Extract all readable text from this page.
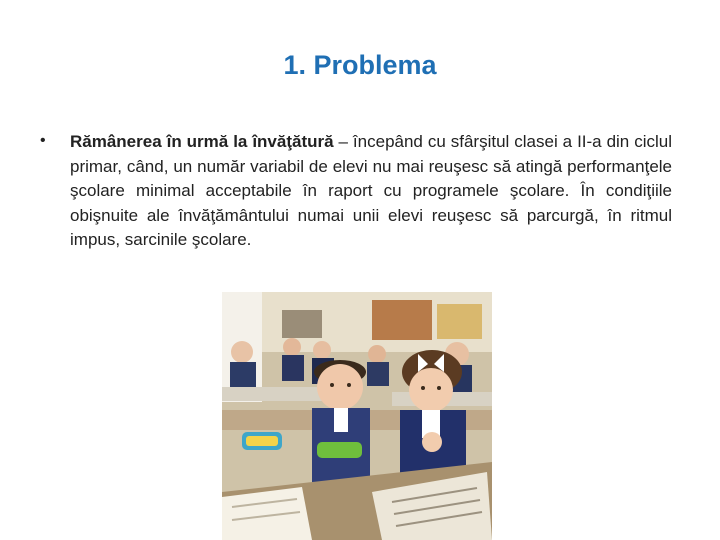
1. Problema
• Rămânerea în urmă la învăţătură – începând cu sfârşitul clasei a II-a din ciclul primar, când, un număr variabil de elevi nu mai reuşesc să atingă performanţele şcolare minimal acceptabile în raport cu programele şcolare. În condiţiile obişnuite ale învăţământului numai unii elevi reuşesc să parcurgă, în ritmul impus, sarcinile şcolare.
